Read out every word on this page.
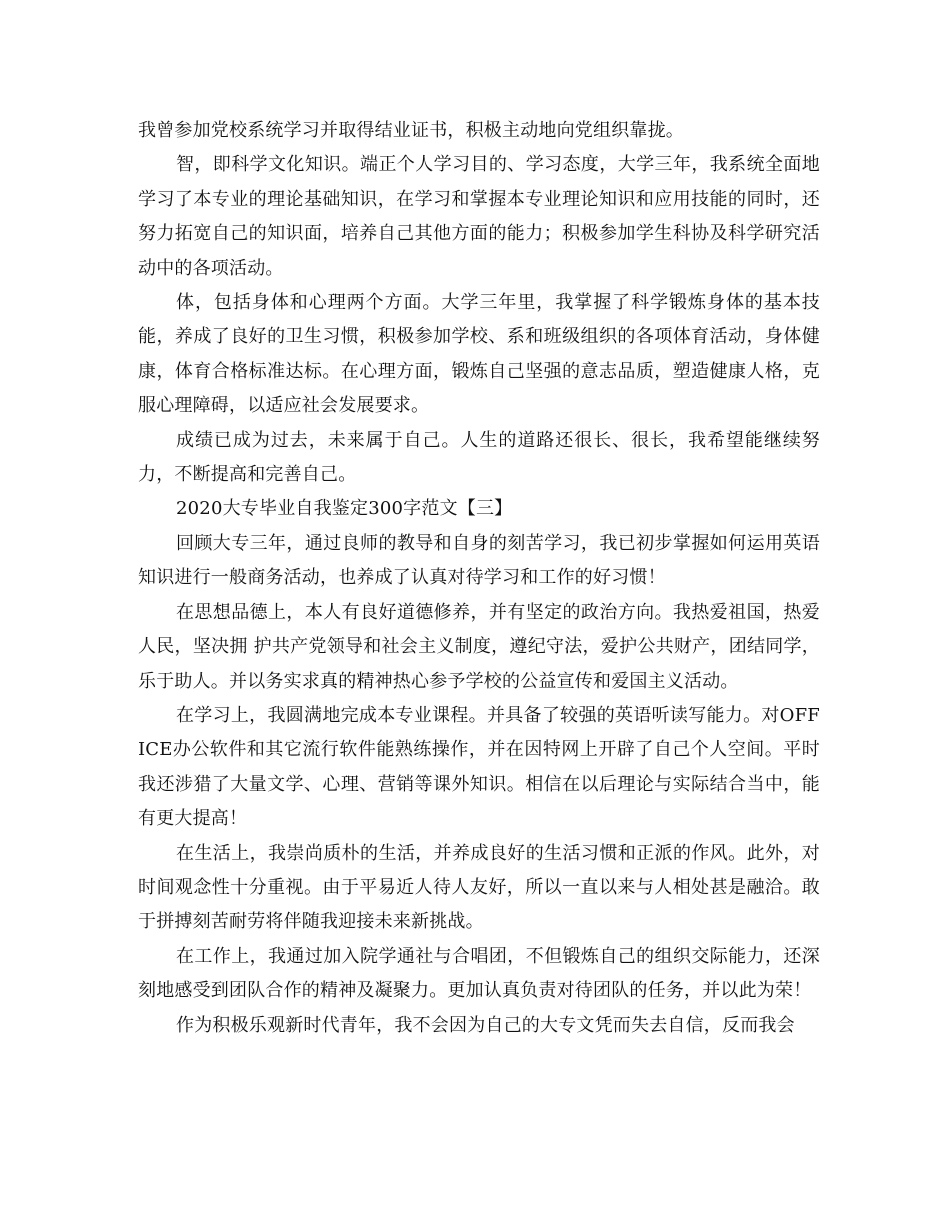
我曾参加党校系统学习并取得结业证书，积极主动地向党组织靠拢。

智，即科学文化知识。端正个人学习目的、学习态度，大学三年，我系统全面地学习了本专业的理论基础知识，在学习和掌握本专业理论知识和应用技能的同时，还努力拓宽自己的知识面，培养自己其他方面的能力；积极参加学生科协及科学研究活动中的各项活动。

体，包括身体和心理两个方面。大学三年里，我掌握了科学锻炼身体的基本技能，养成了良好的卫生习惯，积极参加学校、系和班级组织的各项体育活动，身体健康，体育合格标准达标。在心理方面，锻炼自己坚强的意志品质，塑造健康人格，克服心理障碍，以适应社会发展要求。

成绩已成为过去，未来属于自己。人生的道路还很长、很长，我希望能继续努力，不断提高和完善自己。

2020大专毕业自我鉴定300字范文【三】

回顾大专三年，通过良师的教导和自身的刻苦学习，我已初步掌握如何运用英语知识进行一般商务活动，也养成了认真对待学习和工作的好习惯！

在思想品德上，本人有良好道德修养，并有坚定的政治方向。我热爱祖国，热爱人民，坚决拥 护共产党领导和社会主义制度，遵纪守法，爱护公共财产，团结同学，乐于助人。并以务实求真的精神热心参予学校的公益宣传和爱国主义活动。

在学习上，我圆满地完成本专业课程。并具备了较强的英语听读写能力。对OFFICE办公软件和其它流行软件能熟练操作，并在因特网上开辟了自己个人空间。平时我还涉猎了大量文学、心理、营销等课外知识。相信在以后理论与实际结合当中，能有更大提高！

在生活上，我崇尚质朴的生活，并养成良好的生活习惯和正派的作风。此外，对时间观念性十分重视。由于平易近人待人友好，所以一直以来与人相处甚是融洽。敢于拼搏刻苦耐劳将伴随我迎接未来新挑战。

在工作上，我通过加入院学通社与合唱团，不但锻炼自己的组织交际能力，还深刻地感受到团队合作的精神及凝聚力。更加认真负责对待团队的任务，并以此为荣！

作为积极乐观新时代青年，我不会因为自己的大专文凭而失去自信，反而我会
